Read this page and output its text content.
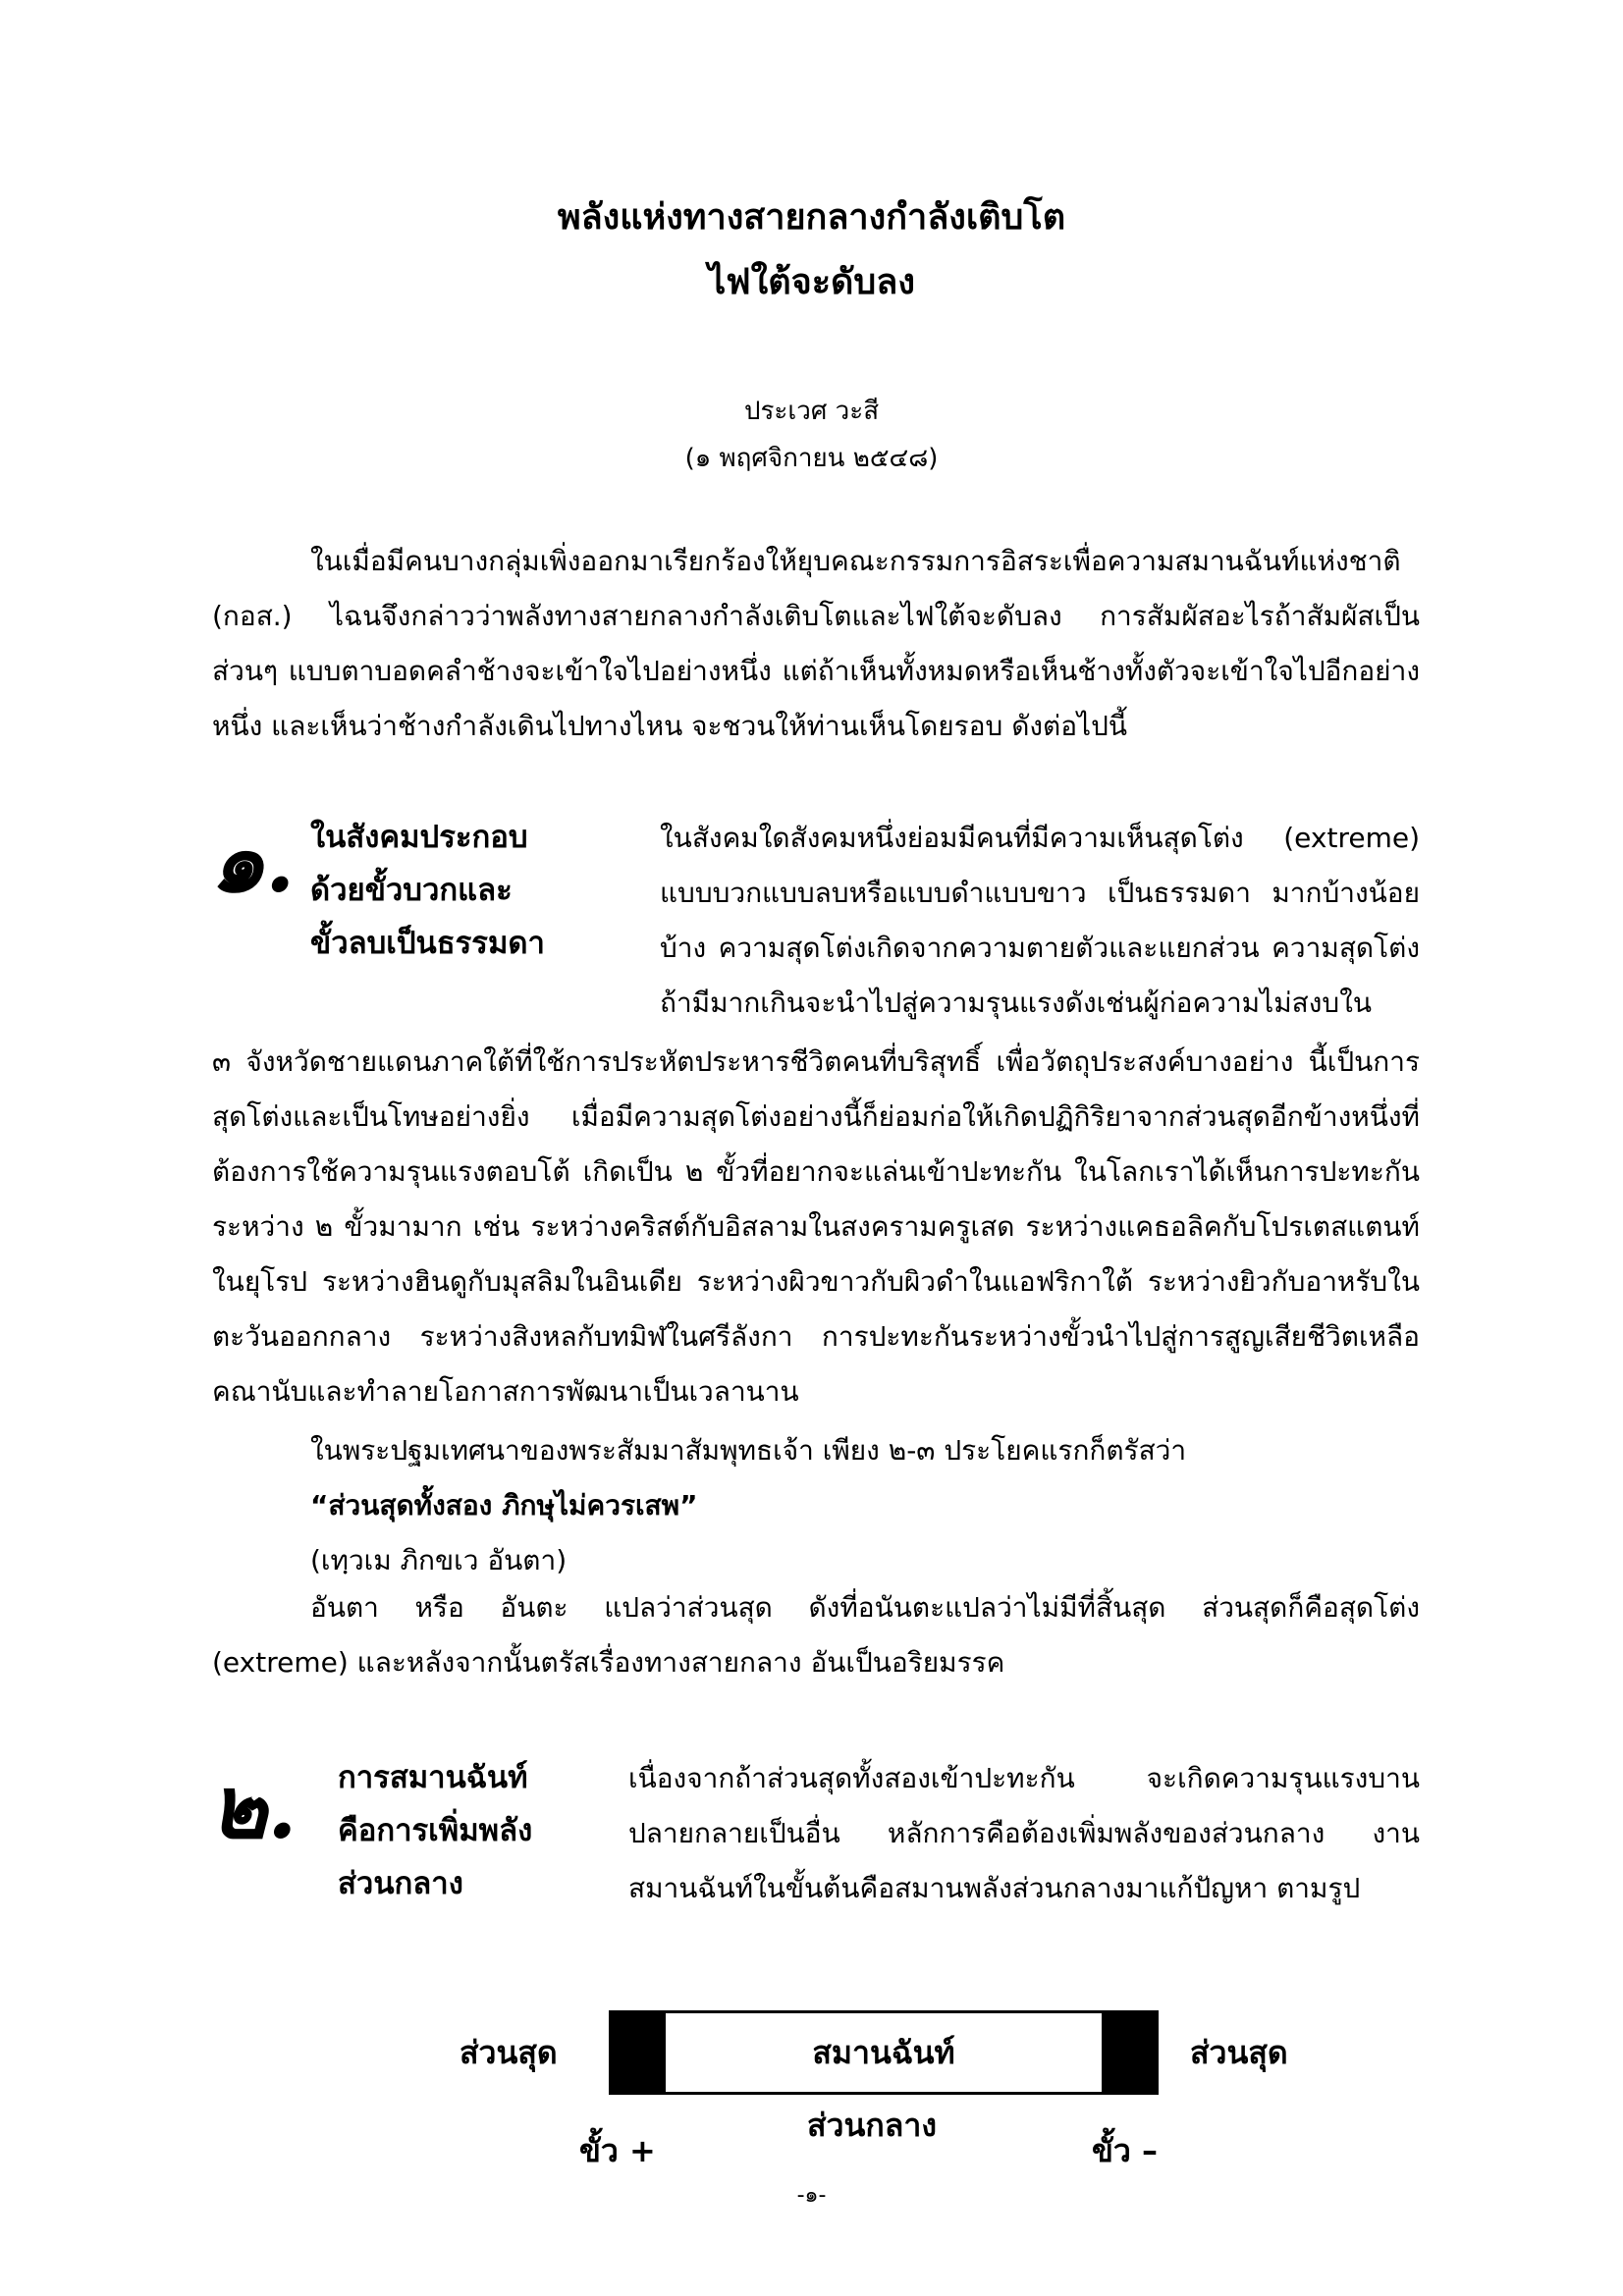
พลังแห่งทางสายกลางกำลังเติบโต
ไฟใต้จะดับลง
ประเวศ วะสี
(๑ พฤศจิกายน ๒๕๔๘)

ในเมื่อมีคนบางกลุ่มเพิ่งออกมาเรียกร้องให้ยุบคณะกรรมการอิสระเพื่อความสมานฉันท์แห่งชาติ (กอส.) ไฉนจึงกล่าวว่าพลังทางสายกลางกำลังเติบโตและไฟใต้จะดับลง การสัมผัสอะไรถ้าสัมผัสเป็นส่วนๆ แบบตาบอดคลำช้างจะเข้าใจไปอย่างหนึ่ง แต่ถ้าเห็นทั้งหมดหรือเห็นช้างทั้งตัวจะเข้าใจไปอีกอย่างหนึ่ง และเห็นว่าช้างกำลังเดินไปทางไหน จะชวนให้ท่านเห็นโดยรอบ ดังต่อไปนี้

๑. ในสังคมประกอบ
ด้วยขั้วบวกและ
ขั้วลบเป็นธรรมดา

ในสังคมใดสังคมหนึ่งย่อมมีคนที่มีความเห็นสุดโต่ง (extreme) แบบบวกแบบลบหรือแบบดำแบบขาว เป็นธรรมดา มากบ้างน้อยบ้าง ความสุดโต่งเกิดจากความตายตัวและแยกส่วน ความสุดโต่งถ้ามีมากเกินจะนำไปสู่ความรุนแรงดังเช่นผู้ก่อความไม่สงบใน

๓ จังหวัดชายแดนภาคใต้ที่ใช้การประหัตประหารชีวิตคนที่บริสุทธิ์ เพื่อวัตถุประสงค์บางอย่าง นี้เป็นการสุดโต่งและเป็นโทษอย่างยิ่ง เมื่อมีความสุดโต่งอย่างนี้ก็ย่อมก่อให้เกิดปฏิกิริยาจากส่วนสุดอีกข้างหนึ่งที่ต้องการใช้ความรุนแรงตอบโต้ เกิดเป็น ๒ ขั้วที่อยากจะแล่นเข้าปะทะกัน ในโลกเราได้เห็นการปะทะกันระหว่าง ๒ ขั้วมามาก เช่น ระหว่างคริสต์กับอิสลามในสงครามครูเสด ระหว่างแคธอลิคกับโปรเตสแตนท์ในยุโรป ระหว่างฮินดูกับมุสลิมในอินเดีย ระหว่างผิวขาวกับผิวดำในแอฟริกาใต้ ระหว่างยิวกับอาหรับในตะวันออกกลาง ระหว่างสิงหลกับทมิฬในศรีลังกา การปะทะกันระหว่างขั้วนำไปสู่การสูญเสียชีวิตเหลือคณานับและทำลายโอกาสการพัฒนาเป็นเวลานาน

ในพระปฐมเทศนาของพระสัมมาสัมพุทธเจ้า เพียง ๒-๓ ประโยคแรกก็ตรัสว่า
“ส่วนสุดทั้งสอง ภิกษุไม่ควรเสพ”
(เทฺวเม ภิกขเว อันตา)

อันตา หรือ อันตะ แปลว่าส่วนสุด ดังที่อนันตะแปลว่าไม่มีที่สิ้นสุด ส่วนสุดก็คือสุดโต่ง (extreme) และหลังจากนั้นตรัสเรื่องทางสายกลาง อันเป็นอริยมรรค

๒. การสมานฉันท์
คือการเพิ่มพลัง
ส่วนกลาง

เนื่องจากถ้าส่วนสุดทั้งสองเข้าปะทะกัน จะเกิดความรุนแรงบานปลายกลายเป็นอื่น หลักการคือต้องเพิ่มพลังของส่วนกลาง งานสมานฉันท์ในขั้นต้นคือสมานพลังส่วนกลางมาแก้ปัญหา ตามรูป

ส่วนสุด	สมานฉันท์	ส่วนสุด
ส่วนกลาง
ขั้ว +	ขั้ว –
-๑-
